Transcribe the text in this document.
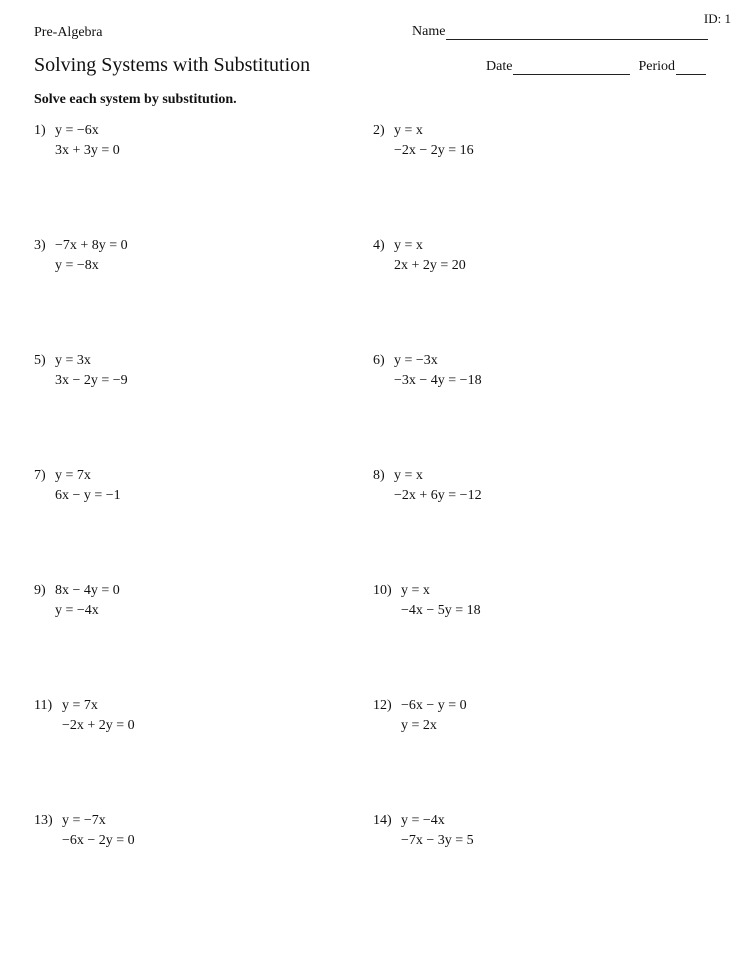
Pre-Algebra
ID: 1
Name
Solving Systems with Substitution	Date	Period
Solve each system by substitution.
1) y = −6x
3x + 3y = 0
3) −7x + 8y = 0
y = −8x
5) y = 3x
3x − 2y = −9
7) y = 7x
6x − y = −1
9) 8x − 4y = 0
y = −4x
11) y = 7x
−2x + 2y = 0
13) y = −7x
−6x − 2y = 0
2) y = x
−2x − 2y = 16
4) y = x
2x + 2y = 20
6) y = −3x
−3x − 4y = −18
8) y = x
−2x + 6y = −12
10) y = x
−4x − 5y = 18
12) −6x − y = 0
y = 2x
14) y = −4x
−7x − 3y = 5
